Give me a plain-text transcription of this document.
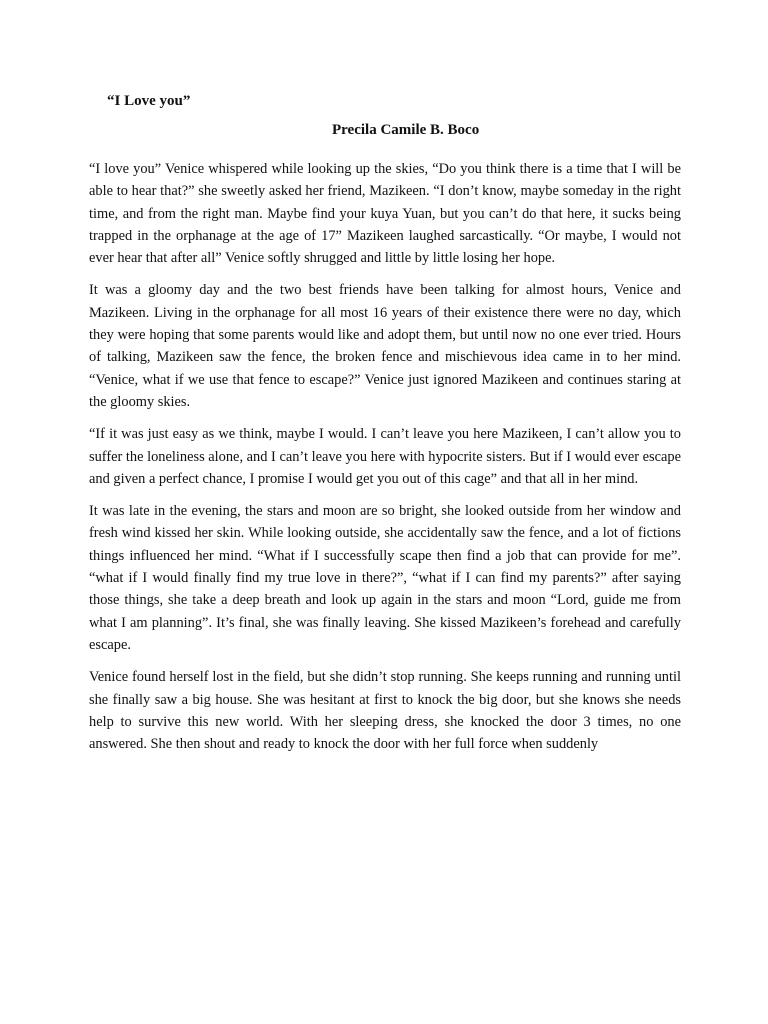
“I Love you”

Precila Camile B. Boco

“I love you” Venice whispered while looking up the skies, “Do you think there is a time that I will be able to hear that?” she sweetly asked her friend, Mazikeen. “I don’t know, maybe someday in the right time, and from the right man. Maybe find your kuya Yuan, but you can’t do that here, it sucks being trapped in the orphanage at the age of 17” Mazikeen laughed sarcastically. “Or maybe, I would not ever hear that after all” Venice softly shrugged and little by little losing her hope.

It was a gloomy day and the two best friends have been talking for almost hours, Venice and Mazikeen. Living in the orphanage for all most 16 years of their existence there were no day, which they were hoping that some parents would like and adopt them, but until now no one ever tried. Hours of talking, Mazikeen saw the fence, the broken fence and mischievous idea came in to her mind. “Venice, what if we use that fence to escape?” Venice just ignored Mazikeen and continues staring at the gloomy skies.

“If it was just easy as we think, maybe I would. I can’t leave you here Mazikeen, I can’t allow you to suffer the loneliness alone, and I can’t leave you here with hypocrite sisters. But if I would ever escape and given a perfect chance, I promise I would get you out of this cage” and that all in her mind.

It was late in the evening, the stars and moon are so bright, she looked outside from her window and fresh wind kissed her skin. While looking outside, she accidentally saw the fence, and a lot of fictions things influenced her mind. “What if I successfully scape then find a job that can provide for me”. “what if I would finally find my true love in there?”, “what if I can find my parents?” after saying those things, she take a deep breath and look up again in the stars and moon “Lord, guide me from what I am planning”. It’s final, she was finally leaving. She kissed Mazikeen’s forehead and carefully escape.

Venice found herself lost in the field, but she didn’t stop running. She keeps running and running until she finally saw a big house. She was hesitant at first to knock the big door, but she knows she needs help to survive this new world. With her sleeping dress, she knocked the door 3 times, no one answered. She then shout and ready to knock the door with her full force when suddenly
